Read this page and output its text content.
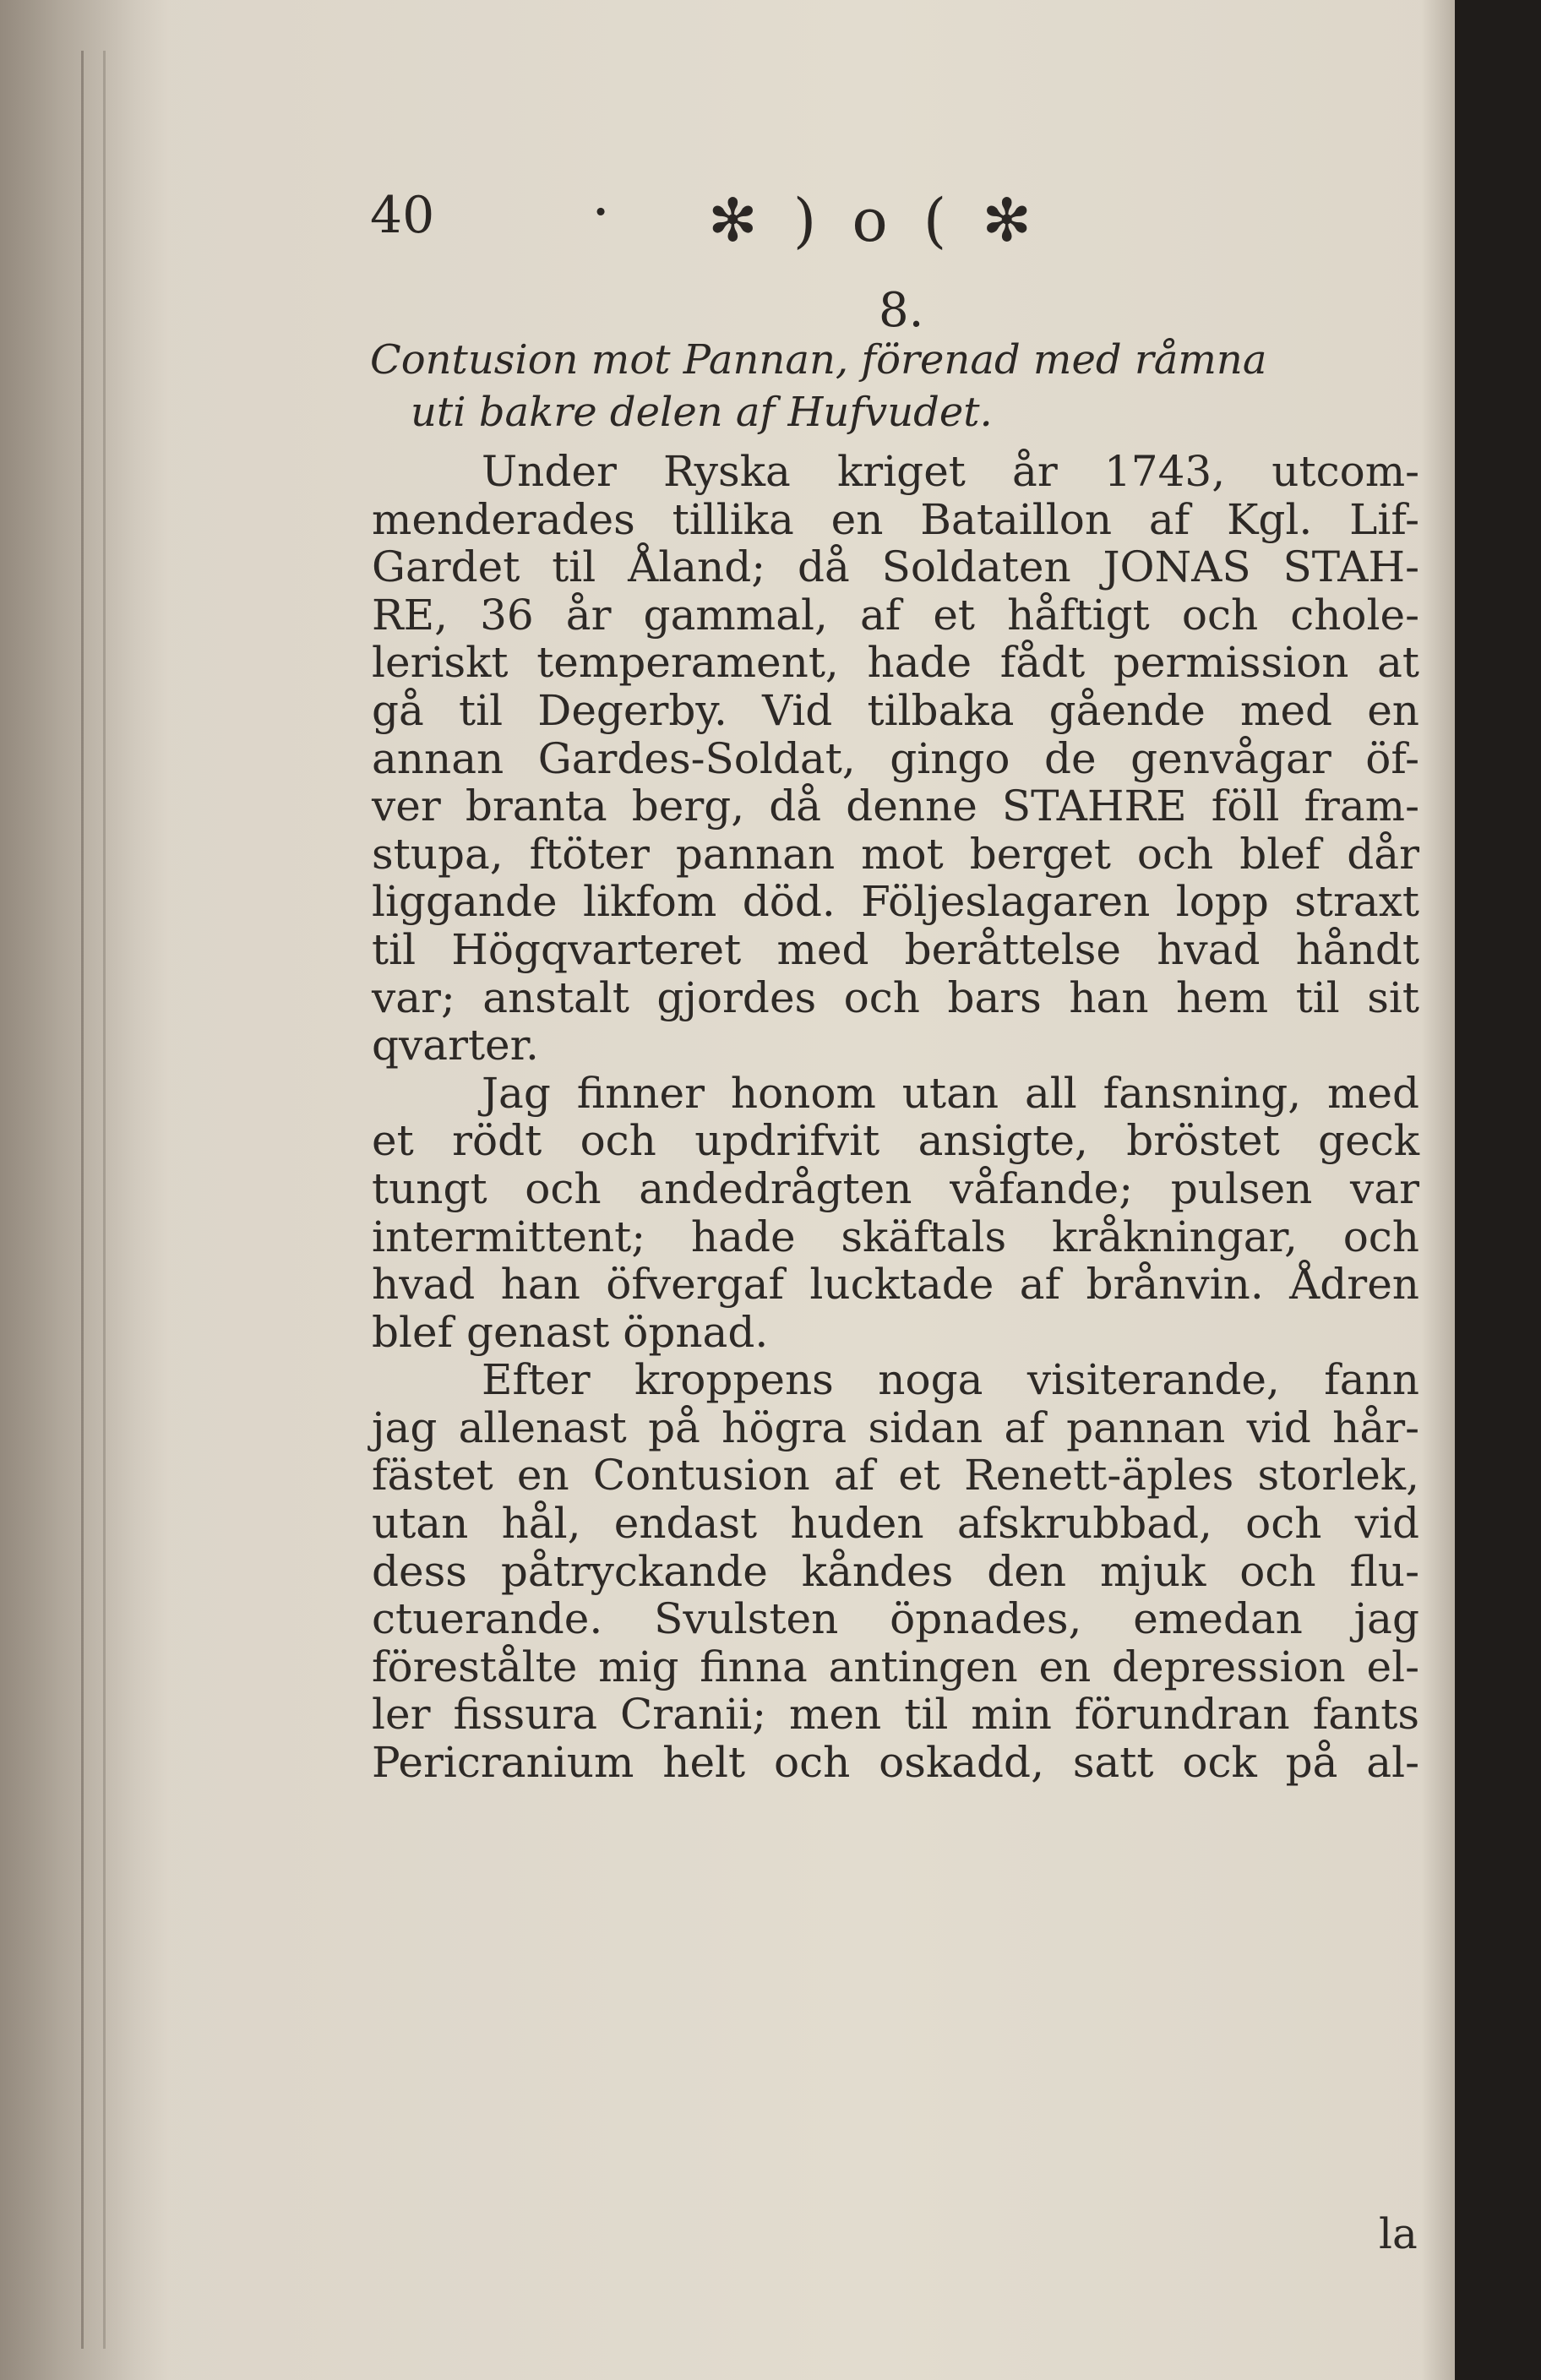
40	· ✻ ) o ( ✻
8.
Contusion mot Pannan, förenad med råmna
uti bakre delen af Hufvudet.
Under Ryska kriget år 1743, utcom-
menderades tillika en Bataillon af Kgl. Lif-
Gardet til Åland; då Soldaten JONAS STAH-
RE, 36 år gammal, af et håftigt och chole-
leriskt temperament, hade fådt permission at
gå til Degerby. Vid tilbaka gående med en
annan Gardes-Soldat, gingo de genvågar öf-
ver branta berg, då denne STAHRE föll fram-
stupa, ftöter pannan mot berget och blef dår
liggande likfom död. Följeslagaren lopp straxt
til Högqvarteret med beråttelse hvad håndt
var; anstalt gjordes och bars han hem til sit
qvarter.
Jag finner honom utan all fansning, med
et rödt och updrifvit ansigte, bröstet geck
tungt och andedrågten våfande; pulsen var
intermittent; hade skäftals kråkningar, och
hvad han öfvergaf lucktade af brånvin. Ådren
blef genast öpnad.
Efter kroppens noga visiterande, fann
jag allenast på högra sidan af pannan vid hår-
fästet en Contusion af et Renett-äples storlek,
utan hål, endast huden afskrubbad, och vid
dess påtryckande kåndes den mjuk och flu-
ctuerande. Svulsten öpnades, emedan jag
förestålte mig finna antingen en depression el-
ler fissura Cranii; men til min förundran fants
Pericranium helt och oskadd, satt ock på al-
la
